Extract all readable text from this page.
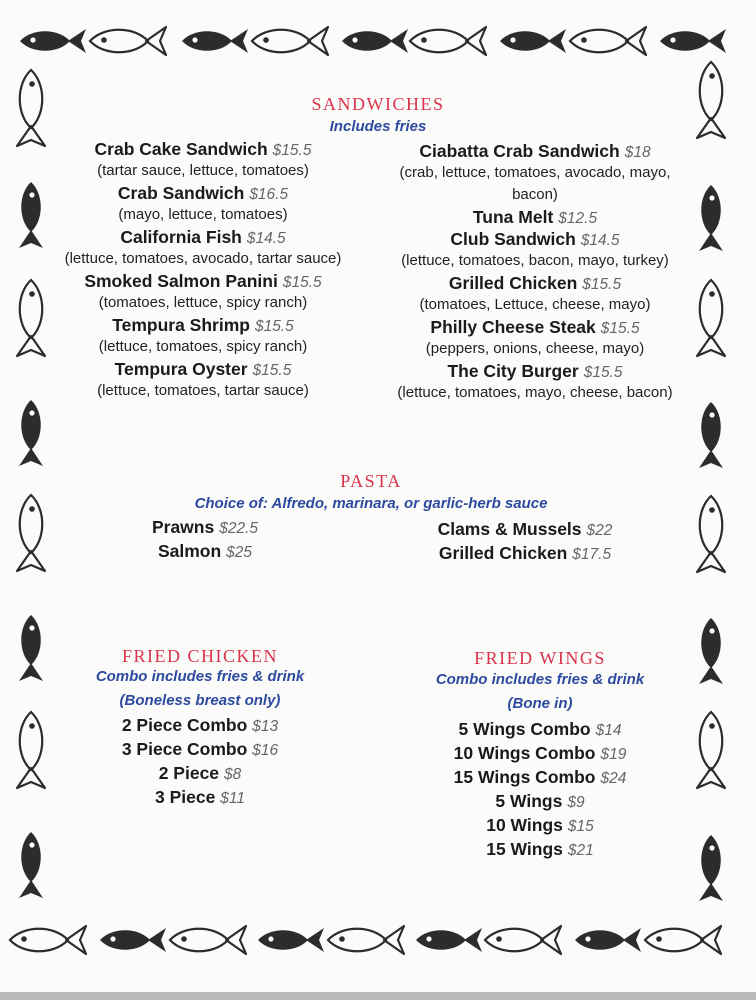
SANDWICHES
Includes fries
Crab Cake Sandwich $15.5
(tartar sauce, lettuce, tomatoes)
Crab Sandwich $16.5
(mayo, lettuce, tomatoes)
California Fish $14.5
(lettuce, tomatoes, avocado, tartar sauce)
Smoked Salmon Panini $15.5
(tomatoes, lettuce, spicy ranch)
Tempura Shrimp $15.5
(lettuce, tomatoes, spicy ranch)
Tempura Oyster $15.5
(lettuce, tomatoes, tartar sauce)
Ciabatta Crab Sandwich $18
(crab, lettuce, tomatoes, avocado, mayo, bacon)
Tuna Melt $12.5
Club Sandwich $14.5
(lettuce, tomatoes, bacon, mayo, turkey)
Grilled Chicken $15.5
(tomatoes, Lettuce, cheese, mayo)
Philly Cheese Steak $15.5
(peppers, onions, cheese, mayo)
The City Burger $15.5
(lettuce, tomatoes, mayo, cheese, bacon)
PASTA
Choice of: Alfredo, marinara, or garlic-herb sauce
Prawns $22.5
Salmon $25
Clams & Mussels $22
Grilled Chicken $17.5
FRIED CHICKEN
Combo includes fries & drink
(Boneless breast only)
2 Piece Combo $13
3 Piece Combo $16
2 Piece $8
3 Piece $11
FRIED WINGS
Combo includes fries & drink
(Bone in)
5 Wings Combo $14
10 Wings Combo $19
15 Wings Combo $24
5 Wings $9
10 Wings $15
15 Wings $21
